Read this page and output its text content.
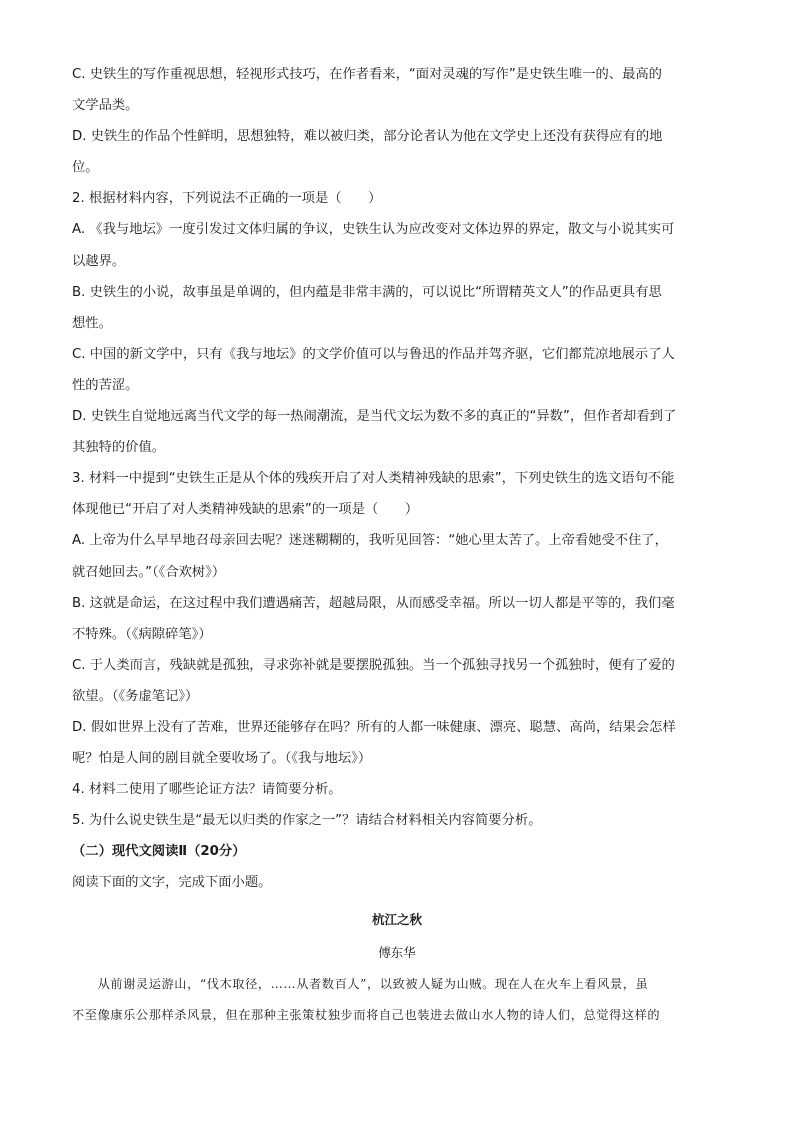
C. 史铁生的写作重视思想，轻视形式技巧，在作者看来，“面对灵魂的写作”是史铁生唯一的、最高的
文学品类。
D. 史铁生的作品个性鲜明，思想独特，难以被归类，部分论者认为他在文学史上还没有获得应有的地
位。
2. 根据材料内容，下列说法不正确的一项是（　　）
A. 《我与地坛》一度引发过文体归属的争议，史铁生认为应改变对文体边界的界定，散文与小说其实可
以越界。
B. 史铁生的小说，故事虽是单调的，但内蕴是非常丰满的，可以说比“所谓精英文人”的作品更具有思
想性。
C. 中国的新文学中，只有《我与地坛》的文学价值可以与鲁迅的作品并驾齐驱，它们都荒凉地展示了人
性的苦涩。
D. 史铁生自觉地远离当代文学的每一热闹潮流，是当代文坛为数不多的真正的“异数”，但作者却看到了
其独特的价值。
3. 材料一中提到“史铁生正是从个体的残疾开启了对人类精神残缺的思索”，下列史铁生的选文语句不能
体现他已“开启了对人类精神残缺的思索”的一项是（　　）
A. 上帝为什么早早地召母亲回去呢？迷迷糊糊的，我听见回答：“她心里太苦了。上帝看她受不住了，
就召她回去。”（《合欢树》）
B. 这就是命运，在这过程中我们遭遇痛苦，超越局限，从而感受幸福。所以一切人都是平等的，我们毫
不特殊。（《病隙碎笔》）
C. 于人类而言，残缺就是孤独，寻求弥补就是要摆脱孤独。当一个孤独寻找另一个孤独时，便有了爱的
欲望。（《务虚笔记》）
D. 假如世界上没有了苦难，世界还能够存在吗？所有的人都一味健康、漂亮、聪慧、高尚，结果会怎样
呢？怕是人间的剧目就全要收场了。（《我与地坛》）
4. 材料二使用了哪些论证方法？请简要分析。
5. 为什么说史铁生是“最无以归类的作家之一”？请结合材料相关内容简要分析。
（二）现代文阅读Ⅱ（20分）
阅读下面的文字，完成下面小题。
杭江之秋
傅东华
　　从前谢灵运游山，“伐木取径，……从者数百人”，以致被人疑为山贼。现在人在火车上看风景，虽
不至像康乐公那样杀风景，但在那种主张策杖独步而将自己也装进去做山水人物的诗人们，总觉得这样的
